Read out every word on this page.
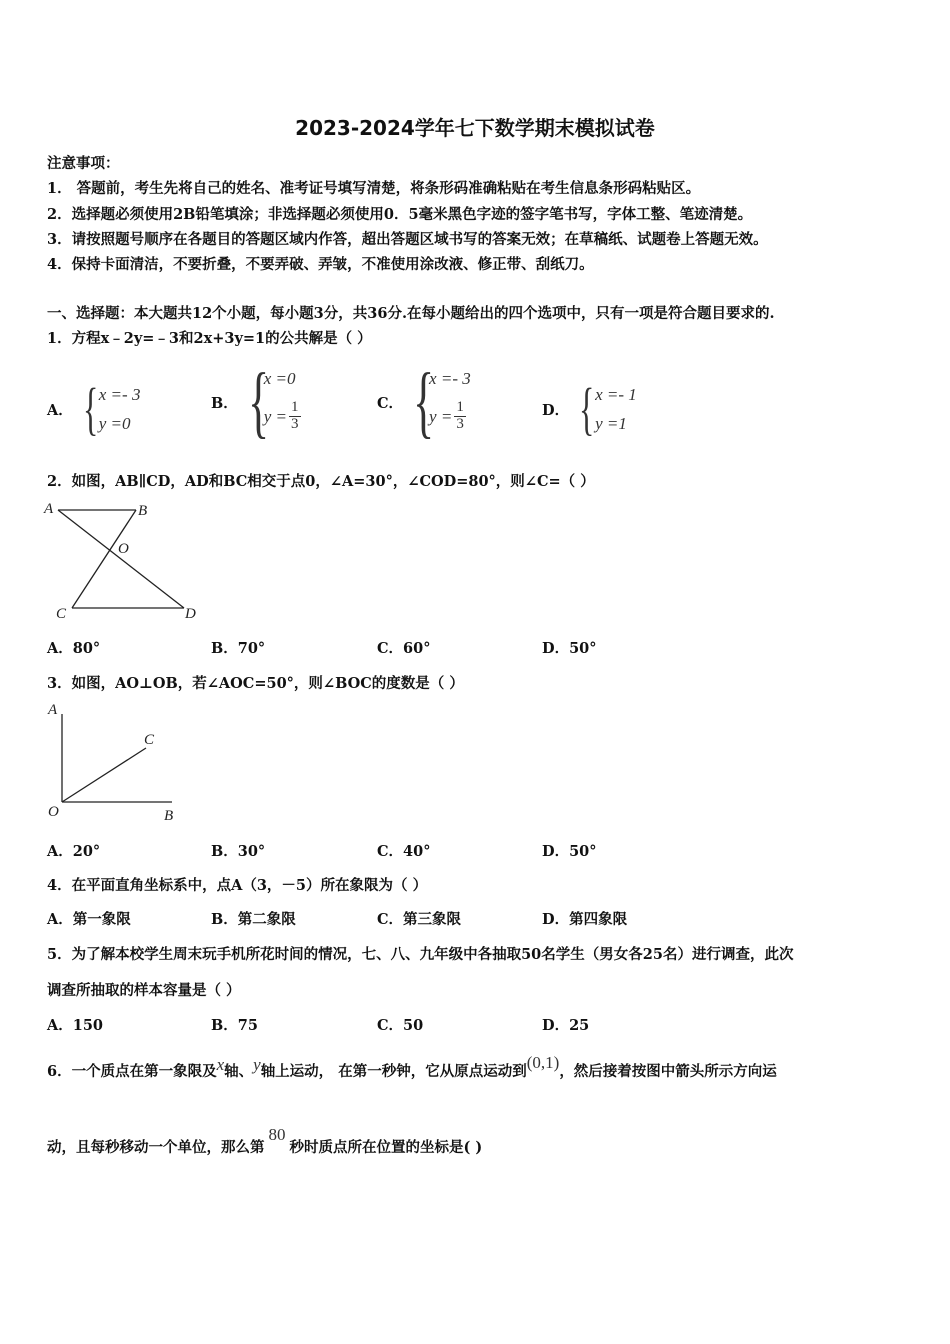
2023-2024学年七下数学期末模拟试卷
注意事项：
1． 答题前，考生先将自己的姓名、准考证号填写清楚，将条形码准确粘贴在考生信息条形码粘贴区。
2．选择题必须使用2B铅笔填涂；非选择题必须使用0．5毫米黑色字迹的签字笔书写，字体工整、笔迹清楚。
3．请按照题号顺序在各题目的答题区域内作答，超出答题区域书写的答案无效；在草稿纸、试题卷上答题无效。
4．保持卡面清洁，不要折叠，不要弄破、弄皱，不准使用涂改液、修正带、刮纸刀。
一、选择题：本大题共12个小题，每小题3分，共36分.在每小题给出的四个选项中，只有一项是符合题目要求的.
1．方程x﹣2y=﹣3和2x+3y=1的公共解是（ ）
A． { x =- 3
y =0
B． {
x =0
$y = \frac{1}{3}$	C． {
x =- 3
$y = \frac{1}{3}$	D． { x =- 1
y =1
2．如图，AB∥CD，AD和BC相交于点0，∠A=30°，∠COD=80°，则∠C=（ ）
A	B
O
C	D
A．80°	B．70°	C．60°	D．50°
3．如图，AO⊥OB，若∠AOC=50°，则∠BOC的度数是（ ）
A
C
O	B
A．20°	B．30°	C．40°	D．50°
4．在平面直角坐标系中，点A（3，－5）所在象限为（ ）
A．第一象限	B．第二象限	C．第三象限	D．第四象限
5．为了解本校学生周末玩手机所花时间的情况，七、八、九年级中各抽取50名学生（男女各25名）进行调查，此次
调查所抽取的样本容量是（ ）
A．150	B．75	C．50	D．25
6．一个质点在第一象限及x轴、y轴上运动， 在第一秒钟，它从原点运动到(0,1)，然后接着按图中箭头所示方向运
动，且每秒移动一个单位，那么第80秒时质点所在位置的坐标是( )
